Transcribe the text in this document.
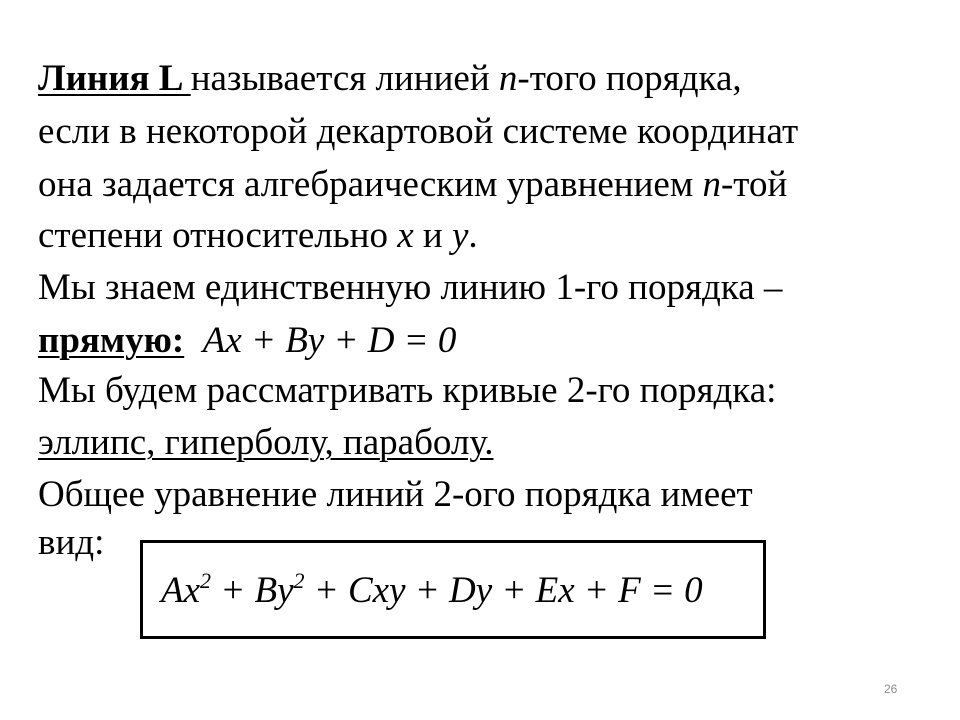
Линия L называется линией n-того порядка,
если в некоторой декартовой системе координат
она задается алгебраическим уравнением n-той
степени относительно x и y.
Мы знаем единственную линию 1-го порядка –
прямую:  Ax + By + D = 0
Мы будем рассматривать кривые 2-го порядка:
эллипс, гиперболу, параболу.
Общее уравнение линий 2-ого порядка имеет
вид:
$Ax^2 + By^2$ + Cxy + Dy + Ex + F = 0
26
